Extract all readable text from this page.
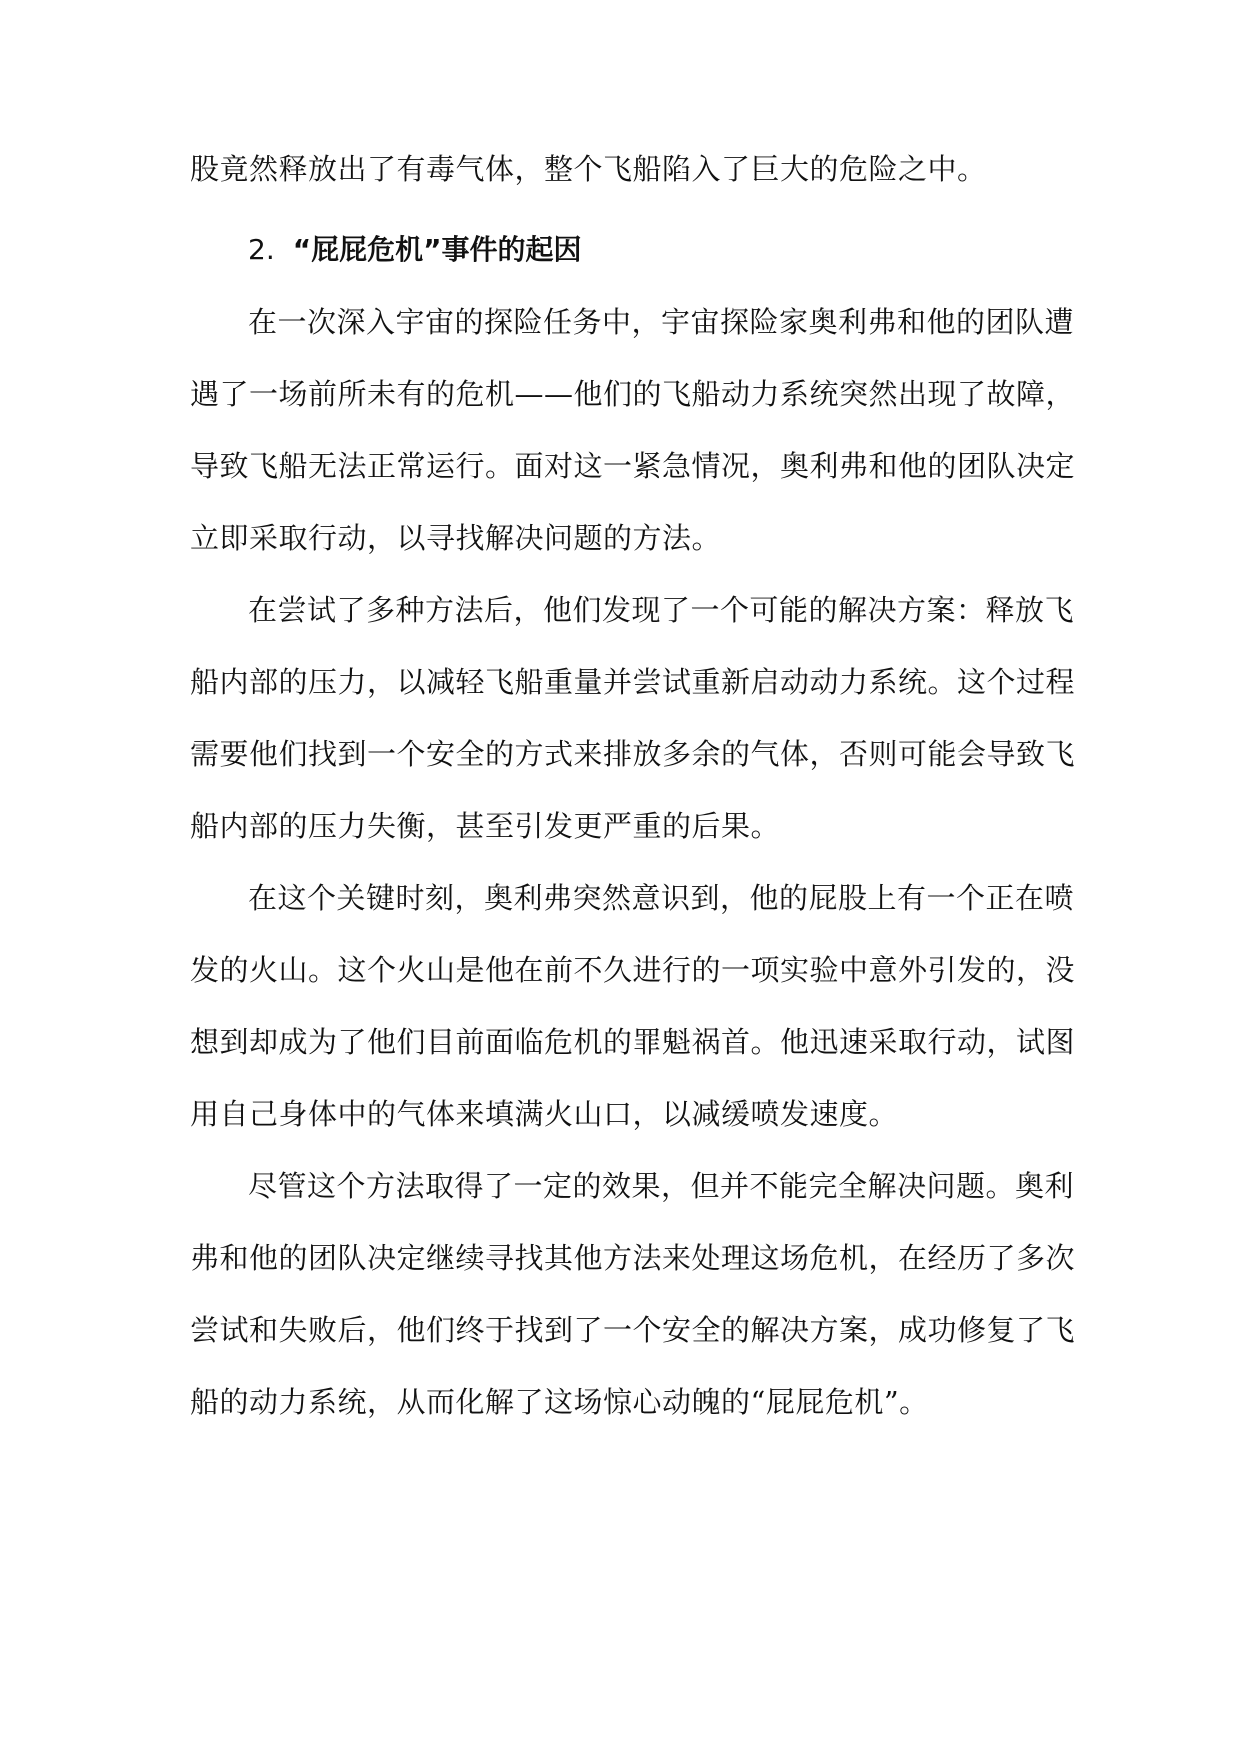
股竟然释放出了有毒气体，整个飞船陷入了巨大的危险之中。
2. “屁屁危机”事件的起因
在一次深入宇宙的探险任务中，宇宙探险家奥利弗和他的团队遭
遇了一场前所未有的危机——他们的飞船动力系统突然出现了故障，
导致飞船无法正常运行。面对这一紧急情况，奥利弗和他的团队决定
立即采取行动，以寻找解决问题的方法。
在尝试了多种方法后，他们发现了一个可能的解决方案：释放飞
船内部的压力，以减轻飞船重量并尝试重新启动动力系统。这个过程
需要他们找到一个安全的方式来排放多余的气体，否则可能会导致飞
船内部的压力失衡，甚至引发更严重的后果。
在这个关键时刻，奥利弗突然意识到，他的屁股上有一个正在喷
发的火山。这个火山是他在前不久进行的一项实验中意外引发的，没
想到却成为了他们目前面临危机的罪魁祸首。他迅速采取行动，试图
用自己身体中的气体来填满火山口，以减缓喷发速度。
尽管这个方法取得了一定的效果，但并不能完全解决问题。奥利
弗和他的团队决定继续寻找其他方法来处理这场危机，在经历了多次
尝试和失败后，他们终于找到了一个安全的解决方案，成功修复了飞
船的动力系统，从而化解了这场惊心动魄的“屁屁危机”。
